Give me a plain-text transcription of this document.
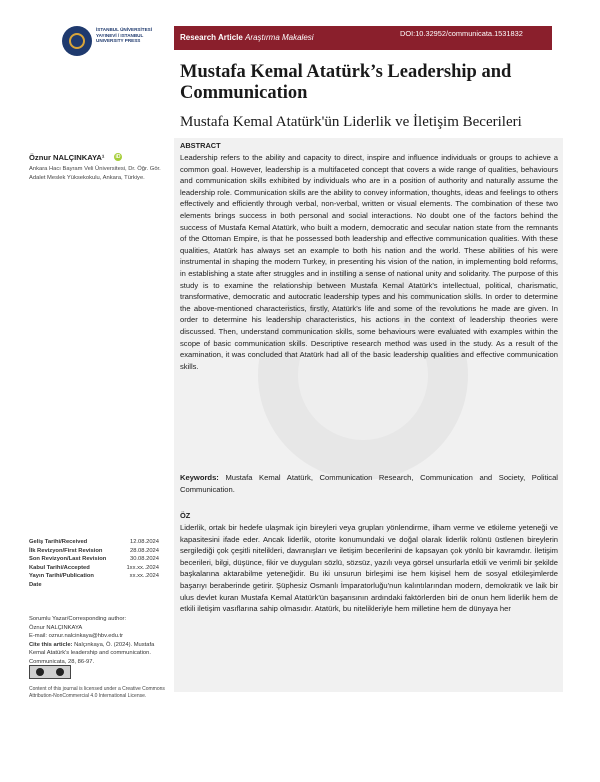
İSTANBUL ÜNİVERSİTESİ YAYINEVİ / ISTANBUL UNIVERSITY PRESS	Research Article Araştırma Makalesi	DOI:10.32952/communicata.1531832
Mustafa Kemal Atatürk’s Leadership and Communication
Mustafa Kemal Atatürk'ün Liderlik ve İletişim Becerileri
ABSTRACT
Leadership refers to the ability and capacity to direct, inspire and influence individuals or groups to achieve a common goal. However, leadership is a multifaceted concept that covers a wide range of qualities, behaviours and communication skills exhibited by individuals who are in a position of authority and naturally assume the leadership role. Communication skills are the ability to convey information, thoughts, ideas and feelings to others effectively and efficiently through verbal, non-verbal, written or visual elements. The combination of these two elements brings success in both personal and social interactions. No doubt one of the factors behind the success of Mustafa Kemal Atatürk, who built a modern, democratic and secular nation state from the remnants of the Ottoman Empire, is that he possessed both leadership and effective communication qualities. With these qualities, Atatürk has always set an example to both his nation and the world. These abilities of his were instrumental in shaping the modern Turkey, in presenting his vision of the nation, in implementing bold reforms, in establishing a state after struggles and in instilling a sense of national unity and solidarity. The purpose of this study is to examine the relationship between Mustafa Kemal Atatürk's intellectual, political, charismatic, transformative, democratic and autocratic leadership types and his communication skills. In order to determine the above-mentioned characteristics, firstly, Atatürk's life and some of the revolutions he made are given. In order to determine his leadership characteristics, his actions in the context of leadership theories were discussed. Then, understand communication skills, some behaviours were evaluated with examples within the scope of basic communication skills. Descriptive research method was used in the study. As a result of the examination, it was concluded that Atatürk had all of the basic leadership qualities and effective communication skills.
Keywords: Mustafa Kemal Atatürk, Communication Research, Communication and Society, Political Communication.
ÖZ
Liderlik, ortak bir hedefe ulaşmak için bireyleri veya grupları yönlendirme, ilham verme ve etkileme yeteneği ve kapasitesini ifade eder. Ancak liderlik, otorite konumundaki ve doğal olarak liderlik rolünü üstlenen bireylerin sergilediği çok çeşitli nitelikleri, davranışları ve iletişim becerilerini de kapsayan çok yönlü bir kavramdır. İletişim becerileri, bilgi, düşünce, fikir ve duyguları sözlü, sözsüz, yazılı veya görsel unsurlarla etkili ve verimli bir şekilde başkalarına aktarabilme yeteneğidir. Bu iki unsurun birleşimi ise hem kişisel hem de sosyal etkileşimlerde başarıyı beraberinde getirir. Şüphesiz Osmanlı İmparatorluğu'nun kalıntılarından modern, demokratik ve laik bir ulus devlet kuran Mustafa Kemal Atatürk'ün başarısının ardındaki faktörlerden biri de onun hem liderlik hem de etkili iletişim vasıflarına sahip olmasıdır. Atatürk, bu nitelikleriyle hem milletine hem de dünyaya her
Öznur NALÇINKAYA¹	iD
Ankara Hacı Bayram Veli Üniversitesi, Dr. Öğr. Gör. Adalet Meslek Yüksekokulu, Ankara, Türkiye.
Geliş Tarihi/Received	12.08.2024
İlk Revizyon/First Revision	28.08.2024
Son Revizyon/Last Revision	30.08.2024
Kabul Tarihi/Accepted	1xx.xx..2024
Yayın Tarihi/Publication	xx.xx..2024
Date
Sorumlu Yazar/Corresponding author:
Öznur NALÇINKAYA
E-mail: oznur.nalcinkaya@hbv.edu.tr
Cite this article: Nalçınkaya, Ö. (2024). Mustafa Kemal Atatürk's leadership and communication. Communicata, 28, 86-97.
Content of this journal is licensed under a Creative Commons Attribution-NonCommercial 4.0 International License.
